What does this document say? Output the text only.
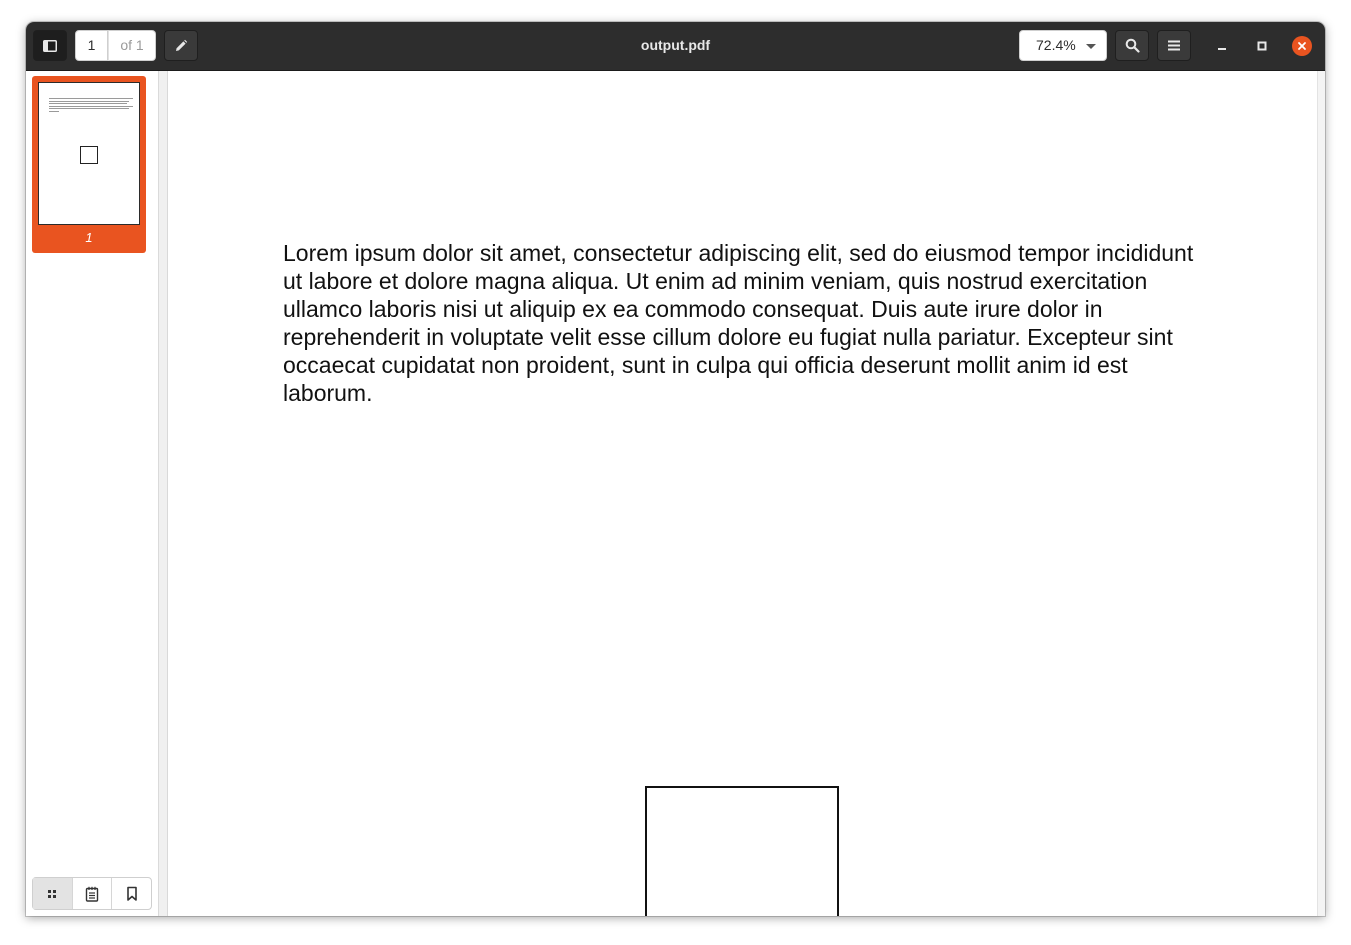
1	of 1	output.pdf	72.4%
1
Lorem ipsum dolor sit amet, consectetur adipiscing elit, sed do eiusmod tempor incididunt
ut labore et dolore magna aliqua. Ut enim ad minim veniam, quis nostrud exercitation
ullamco laboris nisi ut aliquip ex ea commodo consequat. Duis aute irure dolor in
reprehenderit in voluptate velit esse cillum dolore eu fugiat nulla pariatur. Excepteur sint
occaecat cupidatat non proident, sunt in culpa qui officia deserunt mollit anim id est
laborum.
